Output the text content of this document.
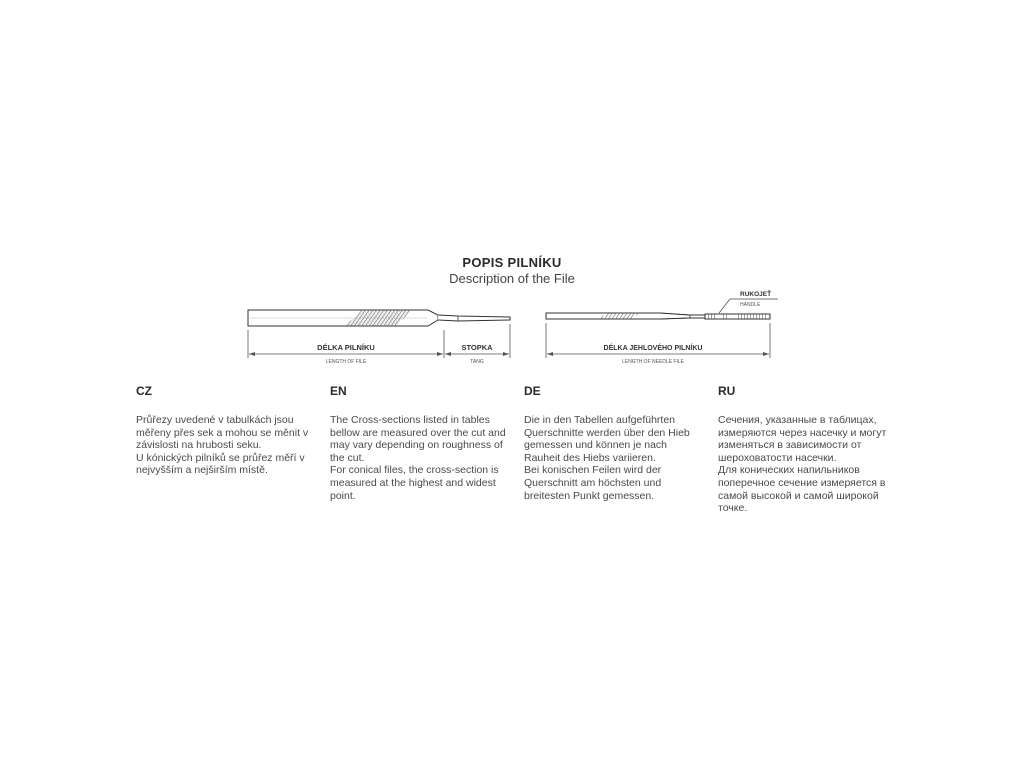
POPIS PILNÍKU
Description of the File
DÉLKA PILNÍKU
LENGTH OF FILE
STOPKA
TANG
RUKOJEŤ
HANDLE
DÉLKA JEHLOVÉHO PILNÍKU
LENGTH OF NEEDLE FILE
CZ

Průřezy uvedené v tabulkách jsou měřeny přes sek a mohou se měnit v závislosti na hrubosti seku.

U kónických pilníků se průřez měří v nejvyšším a nejširším místě.

EN

The Cross-sections listed in tables bellow are measured over the cut and may vary depending on roughness of the cut.

For conical files, the cross-section is measured at the highest and widest point.

DE

Die in den Tabellen aufgeführten Querschnitte werden über den Hieb gemessen und können je nach Rauheit des Hiebs variieren.

Bei konischen Feilen wird der Querschnitt am höchsten und breitesten Punkt gemessen.

RU

Сечения, указанные в таблицах, измеряются через насечку и могут изменяться в зависимости от шероховатости насечки.

Для конических напильников поперечное сечение измеряется в самой высокой и самой широкой точке.
